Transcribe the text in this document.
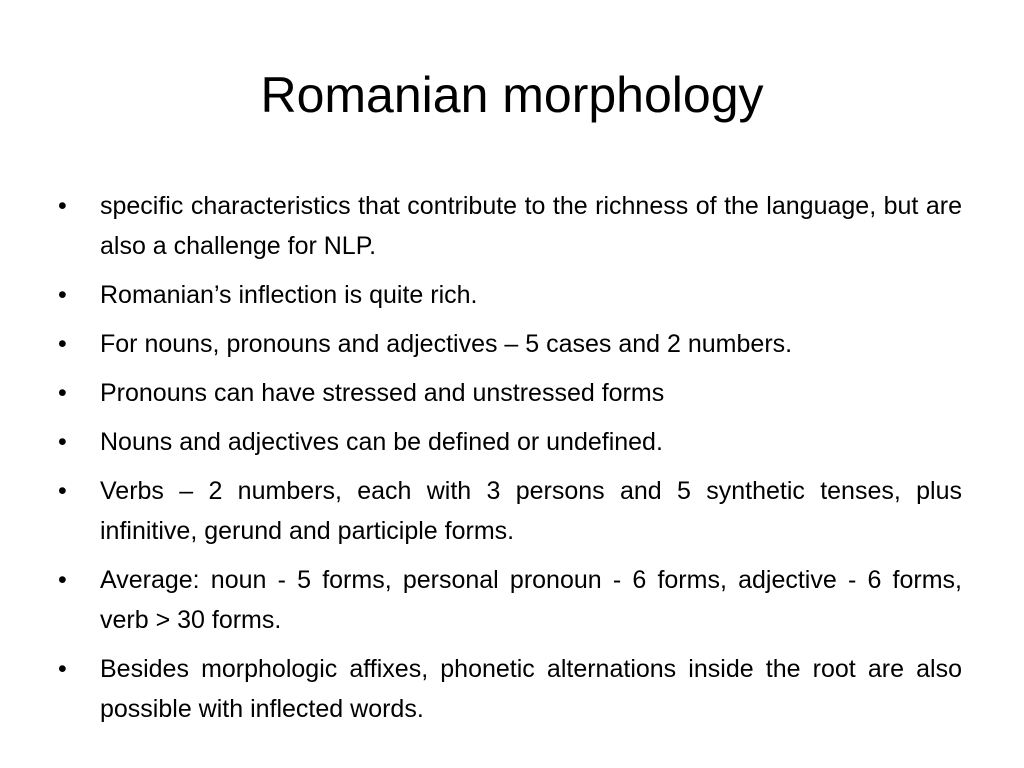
Romanian morphology
•	specific characteristics that contribute to the richness of the language, but are also a challenge for NLP.
•	Romanian’s inflection is quite rich.
•	For nouns, pronouns and adjectives – 5 cases and 2 numbers.
•	Pronouns can have stressed and unstressed forms
•	Nouns and adjectives can be defined or undefined.
•	Verbs – 2 numbers, each with 3 persons and 5 synthetic tenses, plus infinitive, gerund and participle forms.
•	Average: noun - 5 forms, personal pronoun - 6 forms, adjective - 6 forms, verb > 30 forms.
•	Besides morphologic affixes, phonetic alternations inside the root are also possible with inflected words.
